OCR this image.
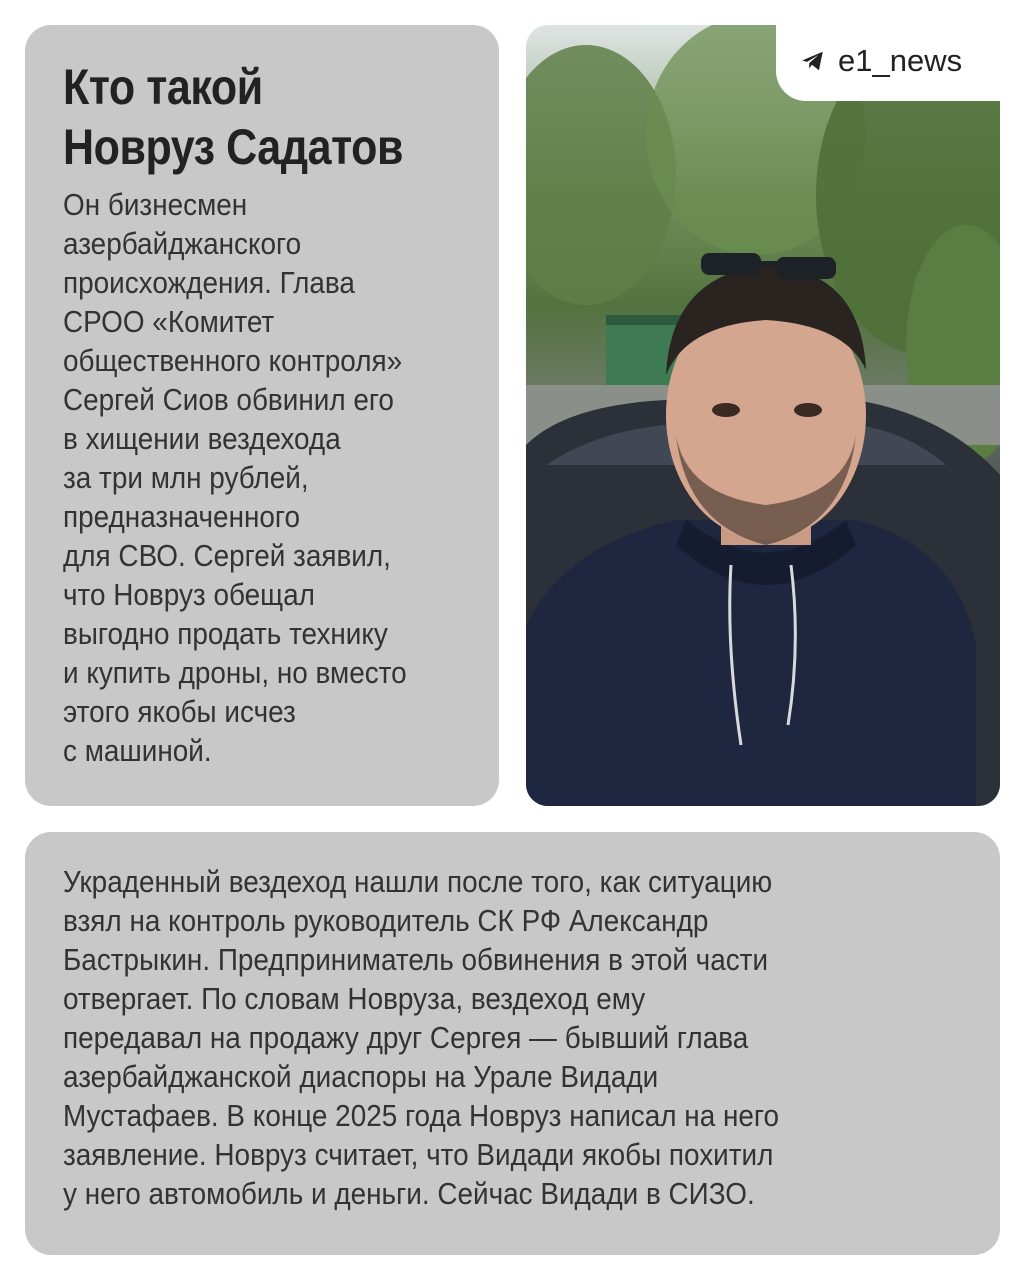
Кто такой
Новруз Садатов
Он бизнесмен
азербайджанского
происхождения. Глава
СРОО «Комитет
общественного контроля»
Сергей Сиов обвинил его
в хищении вездехода
за три млн рублей,
предназначенного
для СВО. Сергей заявил,
что Новруз обещал
выгодно продать технику
и купить дроны, но вместо
этого якобы исчез
с машиной.
e1_news
Украденный вездеход нашли после того, как ситуацию
взял на контроль руководитель СК РФ Александр
Бастрыкин. Предприниматель обвинения в этой части
отвергает. По словам Новруза, вездеход ему
передавал на продажу друг Сергея — бывший глава
азербайджанской диаспоры на Урале Видади
Мустафаев. В конце 2025 года Новруз написал на него
заявление. Новруз считает, что Видади якобы похитил
у него автомобиль и деньги. Сейчас Видади в СИЗО.
